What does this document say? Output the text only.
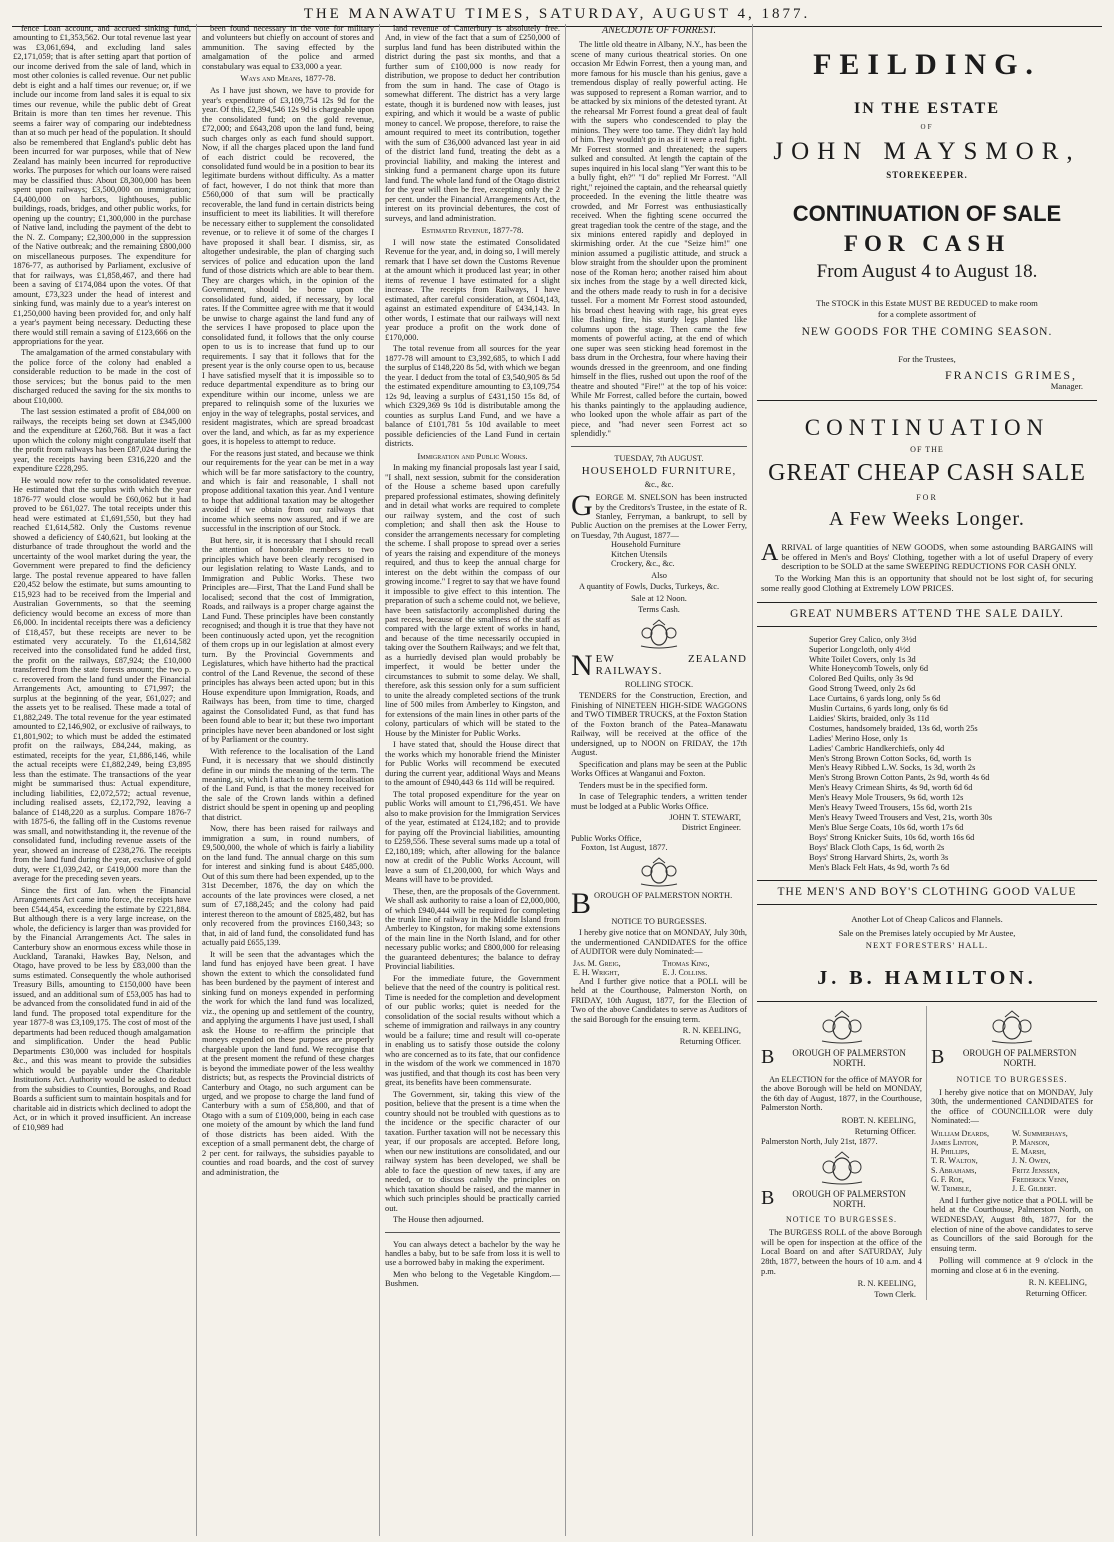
THE MANAWATU TIMES, SATURDAY, AUGUST 4, 1877.

fence Loan account, and accrued sinking fund, amounting to £1,353,562. Our total revenue last year was £3,061,694, and excluding land sales £2,171,059; that is after setting apart that portion of our income derived from the sale of land, which in most other colonies is called revenue. Our net public debt is eight and a half times our revenue; or, if we include our income from land sales it is equal to six times our revenue, while the public debt of Great Britain is more than ten times her revenue. This seems a fairer way of comparing our indebtedness than at so much per head of the population. It should also be remembered that England's public debt has been incurred for war purposes, while that of New Zealand has mainly been incurred for reproductive works. The purposes for which our loans were raised may be classified thus: About £8,300,000 has been spent upon railways; £3,500,000 on immigration; £4,400,000 on harbors, lighthouses, public buildings, roads, bridges, and other public works, for opening up the country; £1,300,000 in the purchase of Native land, including the payment of the debt to the N. Z. Company; £2,300,000 in the suppression of the Native outbreak; and the remaining £800,000 on miscellaneous purposes. The expenditure for 1876-77, as authorised by Parliament, exclusive of that for railways, was £1,858,467, and there had been a saving of £174,084 upon the votes. Of that amount, £73,323 under the head of interest and sinking fund, was mainly due to a year's interest on £1,250,000 having been provided for, and only half a year's payment being necessary. Deducting these there would still remain a saving of £123,666 on the appropriations for the year.

The amalgamation of the armed constabulary with the police force of the colony had enabled a considerable reduction to be made in the cost of those services; but the bonus paid to the men discharged reduced the saving for the six months to about £10,000.

The last session estimated a profit of £84,000 on railways, the receipts being set down at £345,000 and the expenditure at £260,768. But it was a fact upon which the colony might congratulate itself that the profit from railways has been £87,024 during the year, the receipts having been £316,220 and the expenditure £228,295.

He would now refer to the consolidated revenue. He estimated that the surplus with which the year 1876-77 would close would be £60,062 but it had proved to be £61,027. The total receipts under this head were estimated at £1,691,550, but they had reached £1,614,582. Only the Customs revenue showed a deficiency of £40,621, but looking at the disturbance of trade throughout the world and the uncertainty of the wool market during the year, the Government were prepared to find the deficiency large. The postal revenue appeared to have fallen £20,452 below the estimate, but sums amounting to £15,923 had to be received from the Imperial and Australian Governments, so that the seeming deficiency would become an excess of more than £6,000. In incidental receipts there was a deficiency of £18,457, but these receipts are never to be estimated very accurately. To the £1,614,582 received into the consolidated fund he added first, the profit on the railways, £87,924; the £10,000 transferred from the state forests amount; the two p. c. recovered from the land fund under the Financial Arrangements Act, amounting to £71,997; the surplus at the beginning of the year, £61,027; and the assets yet to be realised. These made a total of £1,882,249. The total revenue for the year estimated amounted to £2,146,902, or exclusive of railways, to £1,801,902; to which must be added the estimated profit on the railways, £84,244, making, as estimated, receipts for the year, £1,886,146, while the actual receipts were £1,882,249, being £3,895 less than the estimate. The transactions of the year might be summarised thus: Actual expenditure, including liabilities, £2,072,572; actual revenue, including realised assets, £2,172,792, leaving a balance of £148,220 as a surplus. Compare 1876-7 with 1875-6, the falling off in the Customs revenue was small, and notwithstanding it, the revenue of the consolidated fund, including revenue assets of the year, showed an increase of £238,276. The receipts from the land fund during the year, exclusive of gold duty, were £1,039,242, or £419,000 more than the average for the preceding seven years.

Since the first of Jan. when the Financial Arrangements Act came into force, the receipts have been £544,454, exceeding the estimate by £221,884. But although there is a very large increase, on the whole, the deficiency is larger than was provided for by the Financial Arrangements Act. The sales in Canterbury show an enormous excess while those in Auckland, Taranaki, Hawkes Bay, Nelson, and Otago, have proved to be less by £83,000 than the sums estimated. Consequently the whole authorised Treasury Bills, amounting to £150,000 have been issued, and an additional sum of £53,005 has had to be advanced from the consolidated fund in aid of the land fund. The proposed total expenditure for the year 1877-8 was £3,109,175. The cost of most of the departments had been reduced though amalgamation and simplification. Under the head Public Departments £30,000 was included for hospitals &c., and this was meant to provide the subsidies which would be payable under the Charitable Institutions Act. Authority would be asked to deduct from the subsidies to Counties, Boroughs, and Road Boards a sufficient sum to maintain hospitals and for charitable aid in districts which declined to adopt the Act, or in which it proved insufficient. An increase of £10,989 had

been found necessary in the vote for military and volunteers but chiefly on account of stores and ammunition. The saving effected by the amalgamation of the police and armed constabulary was equal to £33,000 a year.

Ways and Means, 1877-78.

As I have just shown, we have to provide for year's expenditure of £3,109,754 12s 9d for the year. Of this, £2,394,546 12s 9d is chargeable upon the consolidated fund; on the gold revenue, £72,000; and £643,208 upon the land fund, being such charges only as each fund should support. Now, if all the charges placed upon the land fund of each district could be recovered, the consolidated fund would be in a position to bear its legitimate burdens without difficulty. As a matter of fact, however, I do not think that more than £560,000 of that sum will be practically recoverable, the land fund in certain districts being insufficient to meet its liabilities. It will therefore be necessary either to supplement the consolidated revenue, or to relieve it of some of the charges I have proposed it shall bear. I dismiss, sir, as altogether undesirable, the plan of charging such services of police and education upon the land fund of those districts which are able to bear them. They are charges which, in the opinion of the Government, should be borne upon the consolidated fund, aided, if necessary, by local rates. If the Committee agree with me that it would be unwise to charge against the land fund any of the services I have proposed to place upon the consolidated fund, it follows that the only course open to us is to increase that fund up to our requirements. I say that it follows that for the present year is the only course open to us, because I have satisfied myself that it is impossible so to reduce departmental expenditure as to bring our expenditure within our income, unless we are prepared to relinquish some of the luxuries we enjoy in the way of telegraphs, postal services, and resident magistrates, which are spread broadcast over the land, and which, as far as my experience goes, it is hopeless to attempt to reduce.

For the reasons just stated, and because we think our requirements for the year can be met in a way which will be far more satisfactory to the country, and which is fair and reasonable, I shall not propose additional taxation this year. And I venture to hope that additional taxation may be altogether avoided if we obtain from our railways that income which seems now assured, and if we are successful in the inscription of our Stock.

But here, sir, it is necessary that I should recall the attention of honorable members to two principles which have been clearly recognised in our legislation relating to Waste Lands, and to Immigration and Public Works. These two Principles are—First, That the Land Fund shall be localised; second that the cost of Immigration, Roads, and railways is a proper charge against the Land Fund. These principles have been constantly recognised; and though it is true that they have not been continuously acted upon, yet the recognition of them crops up in our legislation at almost every turn. By the Provincial Governments and Legislatures, which have hitherto had the practical control of the Land Revenue, the second of these principles has always been acted upon; but in this House expenditure upon Immigration, Roads, and Railways has been, from time to time, charged against the Consolidated Fund, as that fund has been found able to bear it; but these two important principles have never been abandoned or lost sight of by Parliament or the country.

With reference to the localisation of the Land Fund, it is necessary that we should distinctly define in our minds the meaning of the term. The meaning, sir, which I attach to the term localisation of the Land Fund, is that the money received for the sale of the Crown lands within a defined district should be spent in opening up and peopling that district.

Now, there has been raised for railways and immigration a sum, in round numbers, of £9,500,000, the whole of which is fairly a liability on the land fund. The annual charge on this sum for interest and sinking fund is about £485,000. Out of this sum there had been expended, up to the 31st December, 1876, the day on which the accounts of the late provinces were closed, a net sum of £7,188,245; and the colony had paid interest thereon to the amount of £825,482, but has only recovered from the provinces £160,343; so that, in aid of land fund, the consolidated fund has actually paid £655,139.

It will be seen that the advantages which the land fund has enjoyed have been great. I have shown the extent to which the consolidated fund has been burdened by the payment of interest and sinking fund on moneys expended in performing the work for which the land fund was localized, viz., the opening up and settlement of the country, and applying the arguments I have just used, I shall ask the House to re-affirm the principle that moneys expended on these purposes are properly chargeable upon the land fund. We recognise that at the present moment the refund of these charges is beyond the immediate power of the less wealthy districts; but, as respects the Provincial districts of Canterbury and Otago, no such argument can be urged, and we propose to charge the land fund of Canterbury with a sum of £58,800, and that of Otago with a sum of £109,000, being in each case one moiety of the amount by which the land fund of those districts has been aided. With the exception of a small permanent debt, the charge of 2 per cent. for railways, the subsidies payable to counties and road boards, and the cost of survey and administration, the

land revenue of Canterbury is absolutely free. And, in view of the fact that a sum of £250,000 of surplus land fund has been distributed within the district during the past six months, and that a further sum of £100,000 is now ready for distribution, we propose to deduct her contribution from the sum in hand. The case of Otago is somewhat different. The district has a very large estate, though it is burdened now with leases, just expiring, and which it would be a waste of public money to cancel. We propose, therefore, to raise the amount required to meet its contribution, together with the sum of £36,000 advanced last year in aid of the district land fund, treating the debt as a provincial liability, and making the interest and sinking fund a permanent charge upon its future land fund. The whole land fund of the Otago district for the year will then be free, excepting only the 2 per cent. under the Financial Arrangements Act, the interest on its provincial debentures, the cost of surveys, and land administration.

Estimated Revenue, 1877-78.

I will now state the estimated Consolidated Revenue for the year, and, in doing so, I will merely remark that I have set down the Customs Revenue at the amount which it produced last year; in other items of revenue I have estimated for a slight increase. The receipts from Railways, I have estimated, after careful consideration, at £604,143, against an estimated expenditure of £434,143. In other words, I estimate that our railways will next year produce a profit on the work done of £170,000.

The total revenue from all sources for the year 1877-78 will amount to £3,392,685, to which I add the surplus of £148,220 8s 5d, with which we began the year. I deduct from the total of £3,540,905 8s 5d the estimated expenditure amounting to £3,109,754 12s 9d, leaving a surplus of £431,150 15s 8d, of which £329,369 9s 10d is distributable among the counties as surplus Land Fund, and we have a balance of £101,781 5s 10d available to meet possible deficiencies of the Land Fund in certain districts.

Immigration and Public Works.

In making my financial proposals last year I said, "I shall, next session, submit for the consideration of the House a scheme based upon carefully prepared professional estimates, showing definitely and in detail what works are required to complete our railway system, and the cost of such completion; and shall then ask the House to consider the arrangements necessary for completing the scheme. I shall propose to spread over a series of years the raising and expenditure of the moneys required, and thus to keep the annual charge for interest on the debt within the compass of our growing income." I regret to say that we have found it impossible to give effect to this intention. The preparation of such a scheme could not, we believe, have been satisfactorily accomplished during the past recess, because of the smallness of the staff as compared with the large extent of works in hand, and because of the time necessarily occupied in taking over the Southern Railways; and we felt that, as a hurriedly devised plan would probably be imperfect, it would be better under the circumstances to submit to some delay. We shall, therefore, ask this session only for a sum sufficient to unite the already completed sections of the trunk line of 500 miles from Amberley to Kingston, and for extensions of the main lines in other parts of the colony, particulars of which will be stated to the House by the Minister for Public Works.

I have stated that, should the House direct that the works which my honorable friend the Minister for Public Works will recommend be executed during the current year, additional Ways and Means to the amount of £940,443 6s 11d will be required.

The total proposed expenditure for the year on public Works will amount to £1,796,451. We have also to make provision for the Immigration Services of the year, estimated at £124,182; and to provide for paying off the Provincial liabilities, amounting to £259,556. These several sums made up a total of £2,180,189; which, after allowing for the balance now at credit of the Public Works Account, will leave a sum of £1,200,000, for which Ways and Means will have to be provided.

These, then, are the proposals of the Government. We shall ask authority to raise a loan of £2,000,000, of which £940,444 will be required for completing the trunk line of railway in the Middle Island from Amberley to Kingston, for making some extensions of the main line in the North Island, and for other necessary public works; and £800,000 for releasing the guaranteed debentures; the balance to defray Provincial liabilities.

For the immediate future, the Government believe that the need of the country is political rest. Time is needed for the completion and development of our public works; quiet is needed for the consolidation of the social results without which a scheme of immigration and railways in any country would be a failure; time and result will co-operate in enabling us to satisfy those outside the colony who are concerned as to its fate, that our confidence in the wisdom of the work we commenced in 1870 was justified, and that though its cost has been very great, its benefits have been commensurate.

The Government, sir, taking this view of the position, believe that the present is a time when the country should not be troubled with questions as to the incidence or the specific character of our taxation. Further taxation will not be necessary this year, if our proposals are accepted. Before long, when our new institutions are consolidated, and our railway system has been developed, we shall be able to face the question of new taxes, if any are needed, or to discuss calmly the principles on which taxation should be raised, and the manner in which such principles should be practically carried out.

The House then adjourned.

You can always detect a bachelor by the way he handles a baby, but to be safe from loss it is well to use a borrowed baby in making the experiment.

Men who belong to the Vegetable Kingdom.—Bushmen.

ANECDOTE OF FORREST.

The little old theatre in Albany, N.Y., has been the scene of many curious theatrical stories. On one occasion Mr Edwin Forrest, then a young man, and more famous for his muscle than his genius, gave a tremendous display of really powerful acting. He was supposed to represent a Roman warrior, and to be attacked by six minions of the detested tyrant. At the rehearsal Mr Forrest found a great deal of fault with the supers who condescended to play the minions. They were too tame. They didn't lay hold of him. They wouldn't go in as if it were a real fight. Mr Forrest stormed and threatened; the supers sulked and consulted. At length the captain of the supes inquired in his local slang "Yer want this to be a bully fight, eh?" "I do" replied Mr Forrest. "All right," rejoined the captain, and the rehearsal quietly proceeded. In the evening the little theatre was crowded, and Mr Forrest was enthusiastically received. When the fighting scene occurred the great tragedian took the centre of the stage, and the six minions entered rapidly and deployed in skirmishing order. At the cue "Seize him!" one minion assumed a pugilistic attitude, and struck a blow straight from the shoulder upon the prominent nose of the Roman hero; another raised him about six inches from the stage by a well directed kick, and the others made ready to rush in for a decisive tussel. For a moment Mr Forrest stood astounded, his broad chest heaving with rage, his great eyes like flashing fire, his sturdy legs planted like columns upon the stage. Then came the few moments of powerful acting, at the end of which one super was seen sticking head foremost in the bass drum in the Orchestra, four where having their wounds dressed in the greenroom, and one finding himself in the flies, rushed out upon the roof of the theatre and shouted "Fire!" at the top of his voice: While Mr Forrest, called before the curtain, bowed his thanks paintingly to the applauding audience, who looked upon the whole affair as part of the piece, and "had never seen Forrest act so splendidly."

TUESDAY, 7th AUGUST.
HOUSEHOLD FURNITURE,
&c., &c.
G EORGE M. SNELSON has been instructed by the Creditors's Trustee, in the estate of R. Stanley, Ferryman, a bankrupt, to sell by Public Auction on the premises at the Lower Ferry, on Tuesday, 7th August, 1877—
Household Furniture
Kitchen Utensils
Crockery, &c., &c.
Also

A quantity of Fowls, Ducks, Turkeys, &c.

Sale at 12 Noon.
Terms Cash.
N EW ZEALAND RAILWAYS.
ROLLING STOCK.

TENDERS for the Construction, Erection, and Finishing of NINETEEN HIGH-SIDE WAGGONS and TWO TIMBER TRUCKS, at the Foxton Station of the Foxton branch of the Patea–Manawatu Railway, will be received at the office of the undersigned, up to NOON on FRIDAY, the 17th August.

Specification and plans may be seen at the Public Works Offices at Wanganui and Foxton.

Tenders must be in the specified form.

In case of Telegraphic tenders, a written tender must be lodged at a Public Works Office.

JOHN T. STEWART,
District Engineer.
Public Works Office,
Foxton, 1st August, 1877.
B OROUGH OF PALMERSTON NORTH.
NOTICE TO BURGESSES.

I hereby give notice that on MONDAY, July 30th, the undermentioned CANDIDATES for the office of AUDITOR were duly Nominated:—

Jas. M. Greig,	Thomas King,
E. H. Wright,	E. J. Collins.

And I further give notice that a POLL will be held at the Courthouse, Palmerston North, on FRIDAY, 10th August, 1877, for the Election of Two of the above Candidates to serve as Auditors of the said Borough for the ensuing term.

R. N. KEELING,
Returning Officer.
FEILDING.
IN THE ESTATE
OF
JOHN MAYSMOR,
STOREKEEPER.
CONTINUATION OF SALE
FOR CASH
From August 4 to August 18.
The STOCK in this Estate MUST BE REDUCED to make room
for a complete assortment of
NEW GOODS FOR THE COMING SEASON.
For the Trustees,
FRANCIS GRIMES,
Manager.
CONTINUATION
OF THE
GREAT CHEAP CASH SALE
FOR
A Few Weeks Longer.
A RRIVAL of large quantities of NEW GOODS, when some astounding BARGAINS will be offered in Men's and Boys' Clothing, together with a lot of useful Drapery of every description to be SOLD at the same SWEEPING REDUCTIONS FOR CASH ONLY.
To the Working Man this is an opportunity that should not be lost sight of, for securing some really good Clothing at Extremely LOW PRICES.
GREAT NUMBERS ATTEND THE SALE DAILY.
Superior Grey Calico, only 3½d
Superior Longcloth, only 4½d
White Toilet Covers, only 1s 3d
White Honeycomb Towels, only 6d
Colored Bed Quilts, only 3s 9d
Good Strong Tweed, only 2s 6d
Lace Curtains, 6 yards long, only 5s 6d
Muslin Curtains, 6 yards long, only 6s 6d
Laidies' Skirts, braided, only 3s 11d
Costumes, handsomely braided, 13s 6d, worth 25s
Ladies' Merino Hose, only 1s
Ladies' Cambric Handkerchiefs, only 4d
Men's Strong Brown Cotton Socks, 6d, worth 1s
Men's Heavy Ribbed L.W. Socks, 1s 3d, worth 2s
Men's Strong Brown Cotton Pants, 2s 9d, worth 4s 6d
Men's Heavy Crimean Shirts, 4s 9d, worth 6d 6d
Men's Heavy Mole Trousers, 9s 6d, worth 12s
Men's Heavy Tweed Trousers, 15s 6d, worth 21s
Men's Heavy Tweed Trousers and Vest, 21s, worth 30s
Men's Blue Serge Coats, 10s 6d, worth 17s 6d
Boys' Strong Knicker Suits, 10s 6d, worth 16s 6d
Boys' Black Cloth Caps, 1s 6d, worth 2s
Boys' Strong Harvard Shirts, 2s, worth 3s
Men's Black Felt Hats, 4s 9d, worth 7s 6d
THE MEN'S AND BOY'S CLOTHING GOOD VALUE
Another Lot of Cheap Calicos and Flannels.
Sale on the Premises lately occupied by Mr Austee,
NEXT FORESTERS' HALL.
J. B. HAMILTON.
B OROUGH OF PALMERSTON NORTH.

An ELECTION for the office of MAYOR for the above Borough will be held on MONDAY, the 6th day of August, 1877, in the Courthouse, Palmerston North.

ROBT. N. KEELING,
Returning Officer.
Palmerston North, July 21st, 1877.
B OROUGH OF PALMERSTON NORTH.
NOTICE TO BURGESSES.

The BURGESS ROLL of the above Borough will be open for inspection at the office of the Local Board on and after SATURDAY, July 28th, 1877, between the hours of 10 a.m. and 4 p.m.

R. N. KEELING,
Town Clerk.
B OROUGH OF PALMERSTON NORTH.
NOTICE TO BURGESSES.

I hereby give notice that on MONDAY, July 30th, the undermentioned CANDIDATES for the office of COUNCILLOR were duly Nominated:—

William Deards,	W. Summerhays,
James Linton,	P. Manson,
H. Phillips,	E. Marsh,
T. R. Walton,	J. N. Owen,
S. Abrahams,	Fritz Jenssen,
G. F. Roe,	Frederick Venn,
W. Trimble,	J. E. Gilbert.

And I further give notice that a POLL will be held at the Courthouse, Palmerston North, on WEDNESDAY, August 8th, 1877, for the election of nine of the above candidates to serve as Councillors of the said Borough for the ensuing term.

Polling will commence at 9 o'clock in the morning and close at 6 in the evening.

R. N. KEELING,
Returning Officer.
